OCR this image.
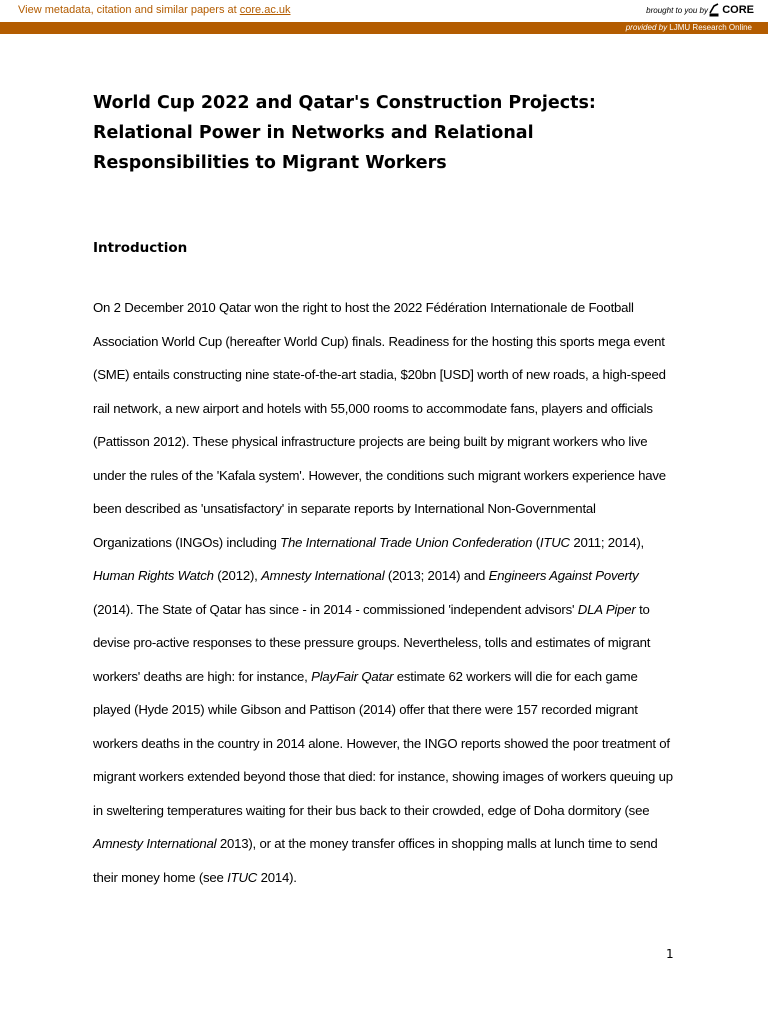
View metadata, citation and similar papers at core.ac.uk	brought to you by CORE
provided by LJMU Research Online
World Cup 2022 and Qatar's Construction Projects:
Relational Power in Networks and Relational
Responsibilities to Migrant Workers
Introduction
On 2 December 2010 Qatar won the right to host the 2022 Fédération Internationale de Football
Association World Cup (hereafter World Cup) finals. Readiness for the hosting this sports mega event
(SME) entails constructing nine state-of-the-art stadia, $20bn [USD] worth of new roads, a high-speed
rail network, a new airport and hotels with 55,000 rooms to accommodate fans, players and officials
(Pattisson 2012). These physical infrastructure projects are being built by migrant workers who live
under the rules of the 'Kafala system'. However, the conditions such migrant workers experience have
been described as 'unsatisfactory' in separate reports by International Non-Governmental
Organizations (INGOs) including The International Trade Union Confederation (ITUC 2011; 2014),
Human Rights Watch (2012), Amnesty International (2013; 2014) and Engineers Against Poverty
(2014). The State of Qatar has since - in 2014 - commissioned 'independent advisors' DLA Piper to
devise pro-active responses to these pressure groups. Nevertheless, tolls and estimates of migrant
workers' deaths are high: for instance, PlayFair Qatar estimate 62 workers will die for each game
played (Hyde 2015) while Gibson and Pattison (2014) offer that there were 157 recorded migrant
workers deaths in the country in 2014 alone. However, the INGO reports showed the poor treatment of
migrant workers extended beyond those that died: for instance, showing images of workers queuing up
in sweltering temperatures waiting for their bus back to their crowded, edge of Doha dormitory (see
Amnesty International 2013), or at the money transfer offices in shopping malls at lunch time to send
their money home (see ITUC 2014).
1
